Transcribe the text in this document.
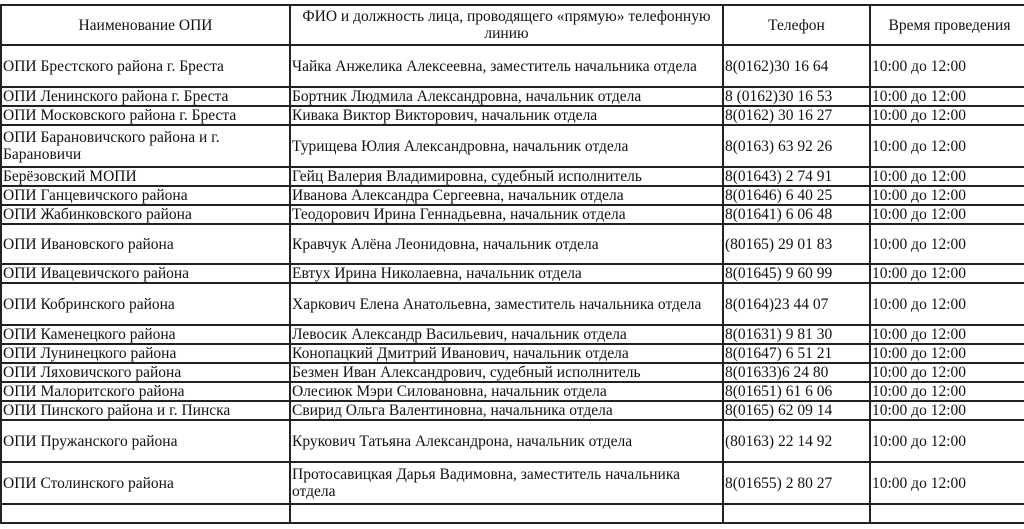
Наименование ОПИ	ФИО и должность лица, проводящего «прямую» телефонную линию	Телефон	Время проведения
ОПИ Брестского района г. Бреста	Чайка Анжелика Алексеевна, заместитель начальника отдела	8(0162)30 16 64	10:00 до 12:00
ОПИ Ленинского района г. Бреста	Бортник Людмила Александровна, начальник отдела	8 (0162)30 16 53	10:00 до 12:00
ОПИ Московского района г. Бреста	Кивака Виктор Викторович, начальник отдела	8(0162) 30 16 27	10:00 до 12:00
ОПИ Барановичского района и г. Барановичи	Турищева Юлия Александровна, начальник отдела	8(0163) 63 92 26	10:00 до 12:00
Берёзовский МОПИ	Гейц Валерия Владимировна, судебный исполнитель	8(01643) 2 74 91	10:00 до 12:00
ОПИ Ганцевичского района	Иванова Александра Сергеевна, начальник отдела	8(01646) 6 40 25	10:00 до 12:00
ОПИ Жабинковского района	Теодорович Ирина Геннадьевна, начальник отдела	8(01641) 6 06 48	10:00 до 12:00
ОПИ Ивановского района	Кравчук Алёна Леонидовна, начальник отдела	(80165) 29 01 83	10:00 до 12:00
ОПИ Ивацевичского района	Евтух Ирина Николаевна, начальник отдела	8(01645) 9 60 99	10:00 до 12:00
ОПИ Кобринского района	Харкович Елена Анатольевна, заместитель начальника отдела	8(0164)23 44 07	10:00 до 12:00
ОПИ Каменецкого района	Левосик Александр Васильевич, начальник отдела	8(01631) 9 81 30	10:00 до 12:00
ОПИ Лунинецкого района	Конопацкий Дмитрий Иванович, начальник отдела	8(01647) 6 51 21	10:00 до 12:00
ОПИ Ляховичского района	Безмен Иван Александрович, судебный исполнитель	8(01633)6 24 80	10:00 до 12:00
ОПИ Малоритского района	Олесиюк Мэри Силовановна, начальник отдела	8(01651) 61 6 06	10:00 до 12:00
ОПИ Пинского района и г. Пинска	Свирид Ольга Валентиновна, начальника отдела	8(0165) 62 09 14	10:00 до 12:00
ОПИ Пружанского района	Крукович Татьяна Александрона, начальник отдела	(80163) 22 14 92	10:00 до 12:00
ОПИ Столинского района	Протосавицкая Дарья Вадимовна, заместитель начальника отдела	8(01655) 2 80 27	10:00 до 12:00
